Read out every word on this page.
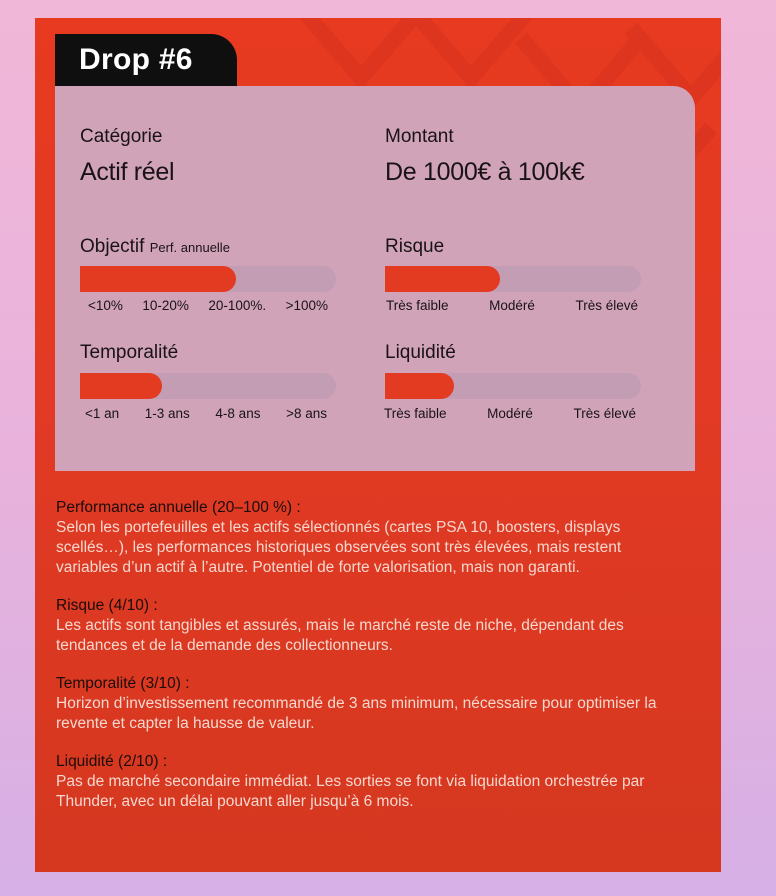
Drop #6
Catégorie
Actif réel
Montant
De 1000€ à 100k€
Objectif Perf. annuelle
<10% 10-20% 20-100%. >100%
Risque
Très faible	Modéré	Très élevé
Temporalité
<1 an 1-3 ans 4-8 ans >8 ans
Liquidité
Très faible	Modéré	Très élevé
Performance annuelle (20–100 %) :
Selon les portefeuilles et les actifs sélectionnés (cartes PSA 10, boosters, displays scellés…), les performances historiques observées sont très élevées, mais restent variables d’un actif à l’autre. Potentiel de forte valorisation, mais non garanti.
Risque (4/10) :
Les actifs sont tangibles et assurés, mais le marché reste de niche, dépendant des tendances et de la demande des collectionneurs.
Temporalité (3/10) :
Horizon d’investissement recommandé de 3 ans minimum, nécessaire pour optimiser la revente et capter la hausse de valeur.
Liquidité (2/10) :
Pas de marché secondaire immédiat. Les sorties se font via liquidation orchestrée par Thunder, avec un délai pouvant aller jusqu’à 6 mois.
